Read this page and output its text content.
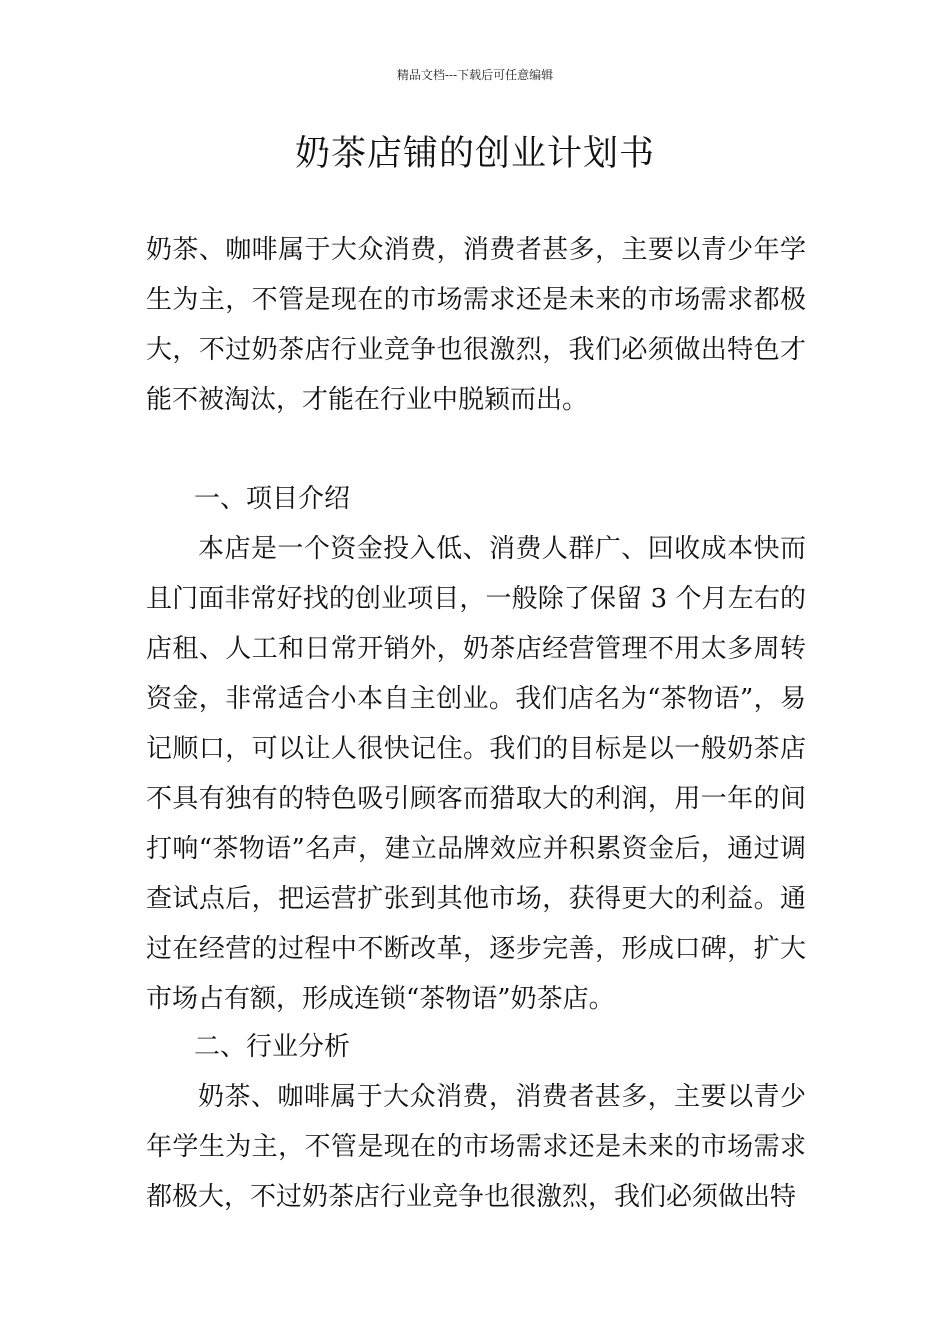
精品文档---下载后可任意编辑
奶茶店铺的创业计划书

奶茶、咖啡属于大众消费，消费者甚多，主要以青少年学生为主，不管是现在的市场需求还是未来的市场需求都极大，不过奶茶店行业竞争也很激烈，我们必须做出特色才能不被淘汰，才能在行业中脱颖而出。

一、项目介绍

本店是一个资金投入低、消费人群广、回收成本快而且门面非常好找的创业项目，一般除了保留 3 个月左右的店租、人工和日常开销外，奶茶店经营管理不用太多周转资金，非常适合小本自主创业。我们店名为“茶物语”，易记顺口，可以让人很快记住。我们的目标是以一般奶茶店不具有独有的特色吸引顾客而猎取大的利润，用一年的间打响“茶物语”名声，建立品牌效应并积累资金后，通过调查试点后，把运营扩张到其他市场，获得更大的利益。通过在经营的过程中不断改革，逐步完善，形成口碑，扩大市场占有额，形成连锁“茶物语”奶茶店。

二、行业分析

奶茶、咖啡属于大众消费，消费者甚多，主要以青少年学生为主，不管是现在的市场需求还是未来的市场需求都极大，不过奶茶店行业竞争也很激烈，我们必须做出特
